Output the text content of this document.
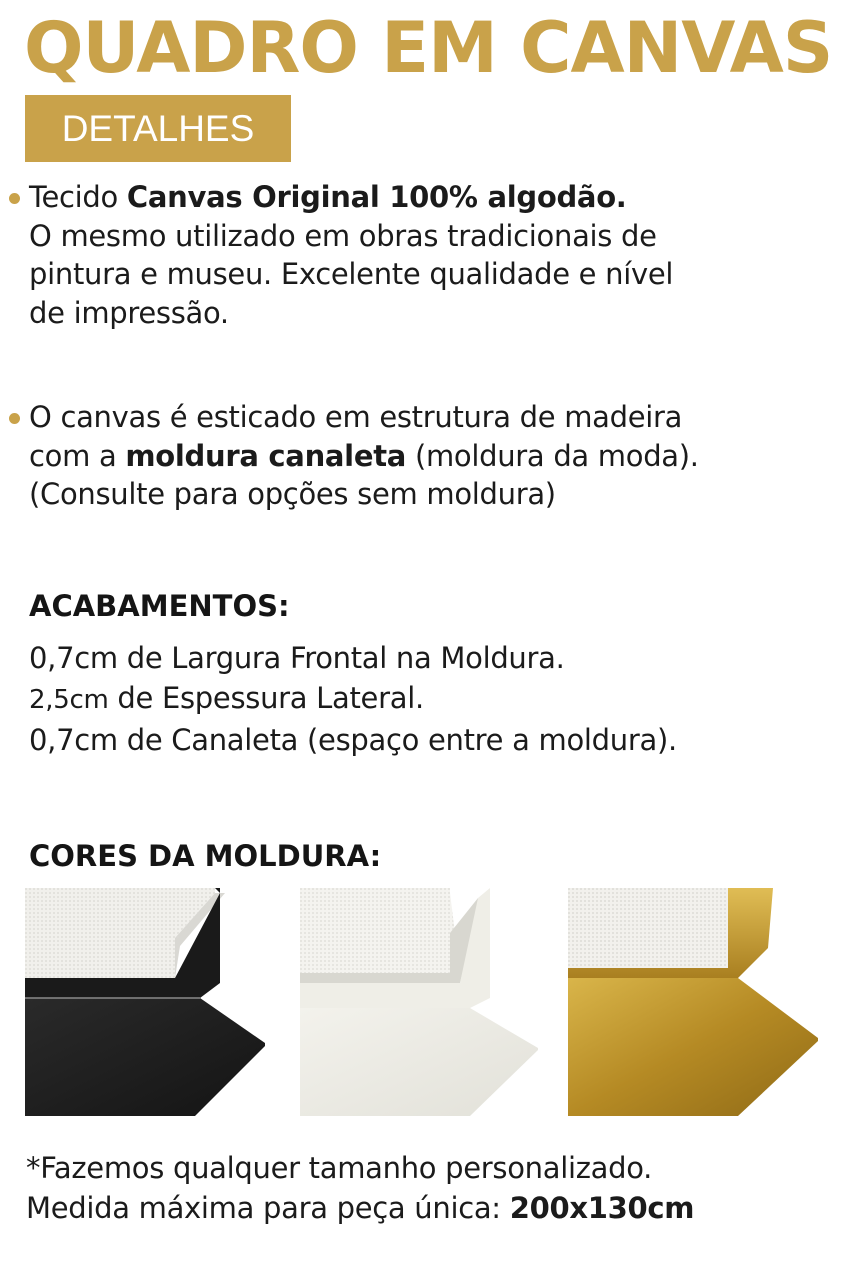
QUADRO EM CANVAS
DETALHES
Tecido Canvas Original 100% algodão.
O mesmo utilizado em obras tradicionais de
pintura e museu. Excelente qualidade e nível
de impressão.
O canvas é esticado em estrutura de madeira
com a moldura canaleta (moldura da moda).
(Consulte para opções sem moldura)
ACABAMENTOS:
0,7cm de Largura Frontal na Moldura.
2,5cm de Espessura Lateral.
0,7cm de Canaleta (espaço entre a moldura).
CORES DA MOLDURA:
*Fazemos qualquer tamanho personalizado.
Medida máxima para peça única: 200x130cm
